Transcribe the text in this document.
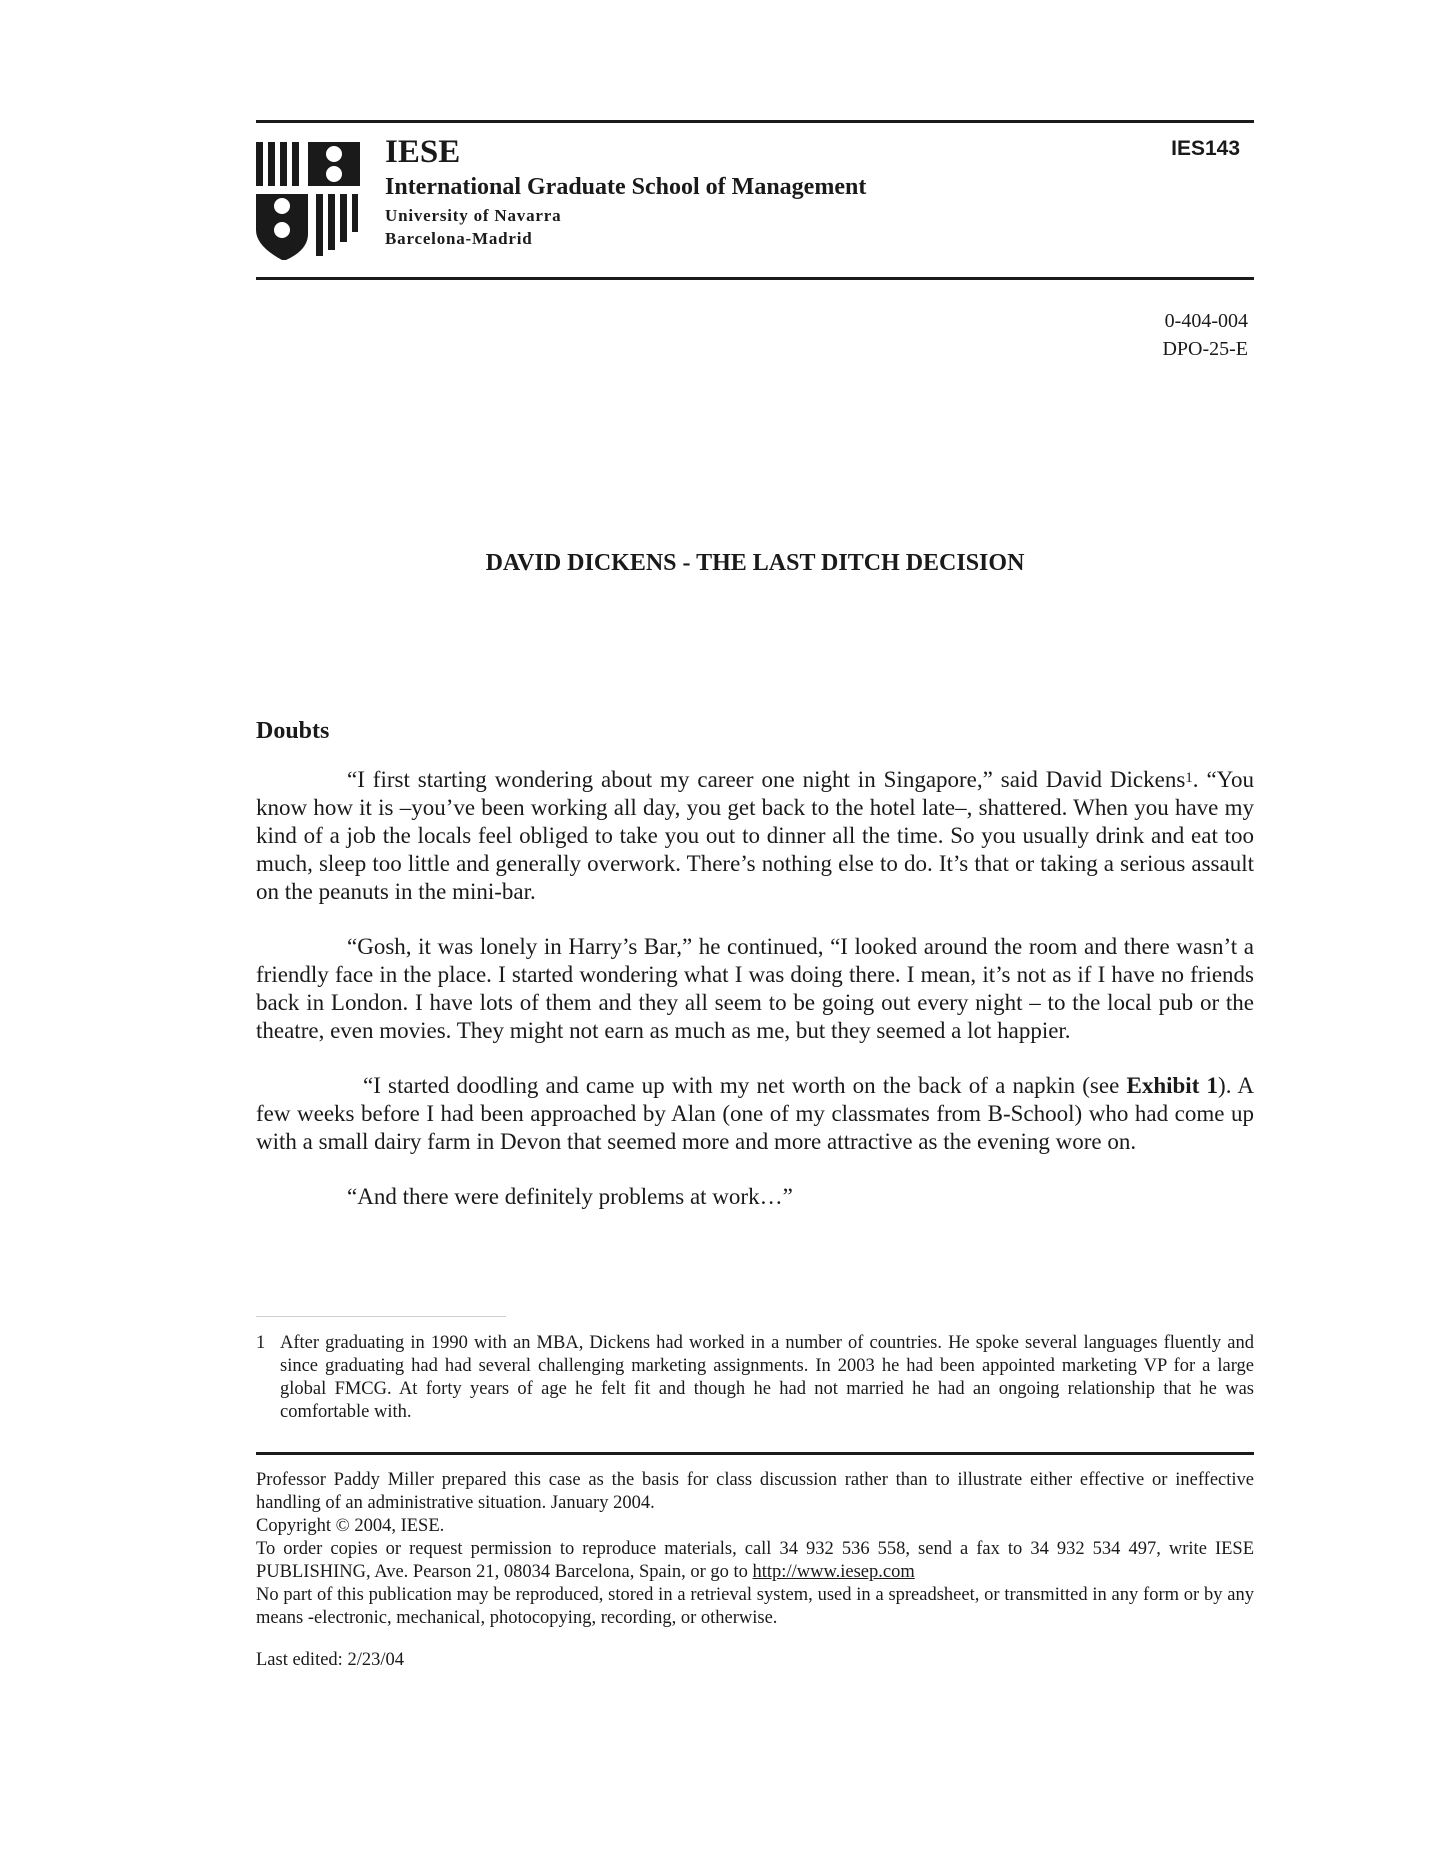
IESE
International Graduate School of Management
University of Navarra
Barcelona-Madrid
IES143
0-404-004
DPO-25-E
DAVID DICKENS - THE LAST DITCH DECISION
Doubts

“I first starting wondering about my career one night in Singapore,” said David Dickens$^1$. “You know how it is –you’ve been working all day, you get back to the hotel late–, shattered. When you have my kind of a job the locals feel obliged to take you out to dinner all the time. So you usually drink and eat too much, sleep too little and generally overwork. There’s nothing else to do. It’s that or taking a serious assault on the peanuts in the mini-bar.

“Gosh, it was lonely in Harry’s Bar,” he continued, “I looked around the room and there wasn’t a friendly face in the place. I started wondering what I was doing there. I mean, it’s not as if I have no friends back in London. I have lots of them and they all seem to be going out every night – to the local pub or the theatre, even movies. They might not earn as much as me, but they seemed a lot happier.

“I started doodling and came up with my net worth on the back of a napkin (see Exhibit 1). A few weeks before I had been approached by Alan (one of my classmates from B-School) who had come up with a small dairy farm in Devon that seemed more and more attractive as the evening wore on.

“And there were definitely problems at work…”

1 After graduating in 1990 with an MBA, Dickens had worked in a number of countries. He spoke several languages fluently and since graduating had had several challenging marketing assignments. In 2003 he had been appointed marketing VP for a large global FMCG. At forty years of age he felt fit and though he had not married he had an ongoing relationship that he was comfortable with.

Professor Paddy Miller prepared this case as the basis for class discussion rather than to illustrate either effective or ineffective handling of an administrative situation. January 2004.

Copyright © 2004, IESE.

To order copies or request permission to reproduce materials, call 34 932 536 558, send a fax to 34 932 534 497, write IESE PUBLISHING, Ave. Pearson 21, 08034 Barcelona, Spain, or go to http://www.iesep.com

No part of this publication may be reproduced, stored in a retrieval system, used in a spreadsheet, or transmitted in any form or by any means -electronic, mechanical, photocopying, recording, or otherwise.

Last edited: 2/23/04
